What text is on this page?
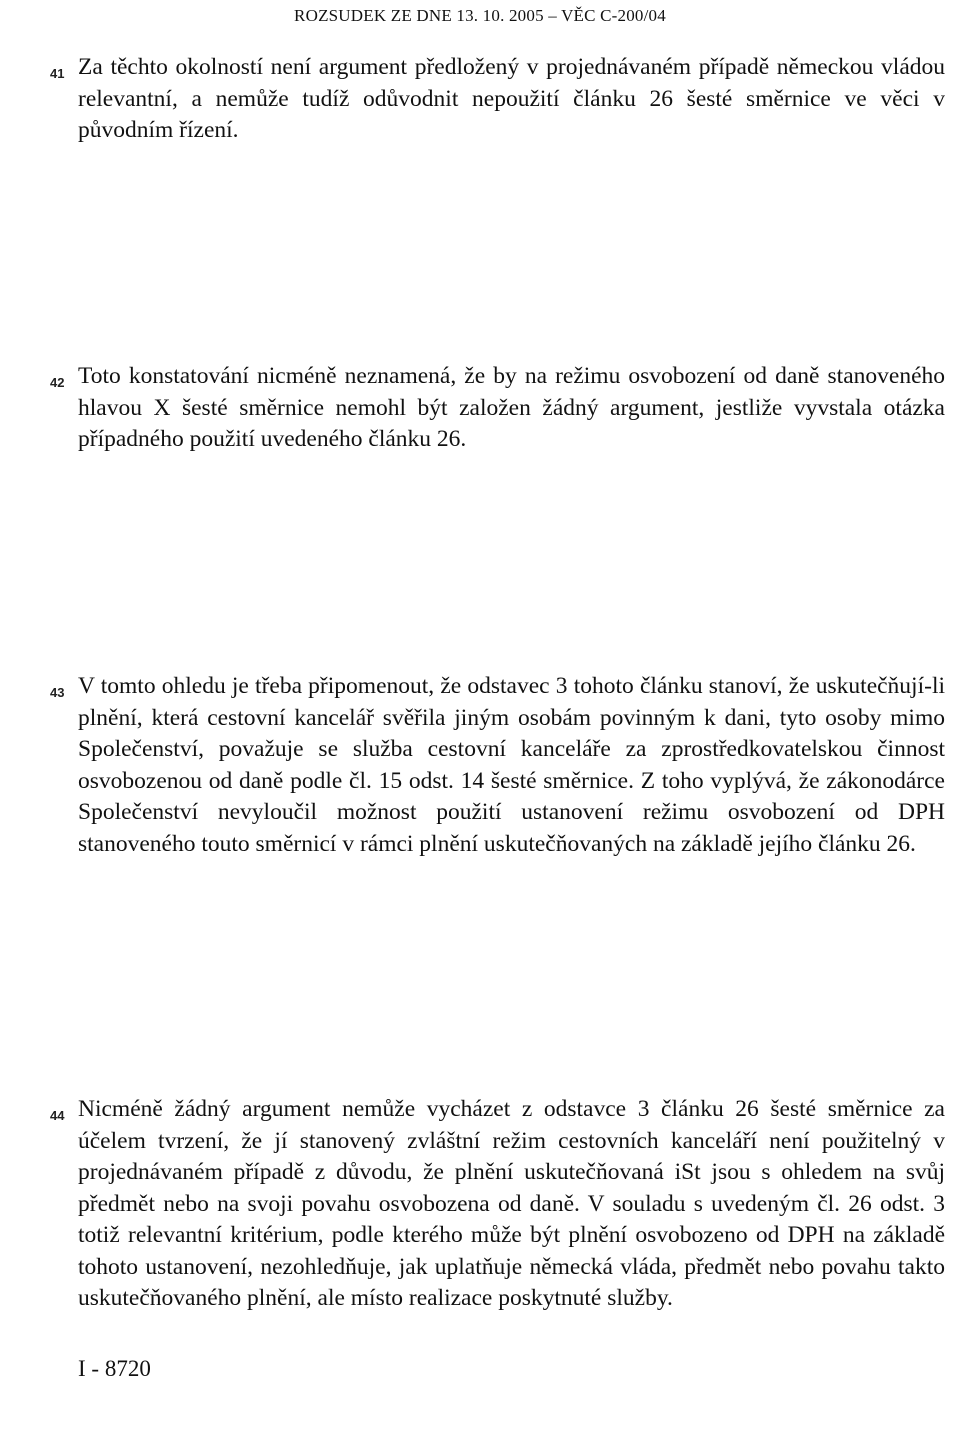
ROZSUDEK ZE DNE 13. 10. 2005 – VĚC C-200/04
41 Za těchto okolností není argument předložený v projednávaném případě německou vládou relevantní, a nemůže tudíž odůvodnit nepoužití článku 26 šesté směrnice ve věci v původním řízení.
42 Toto konstatování nicméně neznamená, že by na režimu osvobození od daně stanoveného hlavou X šesté směrnice nemohl být založen žádný argument, jestliže vyvstala otázka případného použití uvedeného článku 26.
43 V tomto ohledu je třeba připomenout, že odstavec 3 tohoto článku stanoví, že uskutečňují-li plnění, která cestovní kancelář svěřila jiným osobám povinným k dani, tyto osoby mimo Společenství, považuje se služba cestovní kanceláře za zprostředkovatelskou činnost osvobozenou od daně podle čl. 15 odst. 14 šesté směrnice. Z toho vyplývá, že zákonodárce Společenství nevyloučil možnost použití ustanovení režimu osvobození od DPH stanoveného touto směrnicí v rámci plnění uskutečňovaných na základě jejího článku 26.
44 Nicméně žádný argument nemůže vycházet z odstavce 3 článku 26 šesté směrnice za účelem tvrzení, že jí stanovený zvláštní režim cestovních kanceláří není použitelný v projednávaném případě z důvodu, že plnění uskutečňovaná iSt jsou s ohledem na svůj předmět nebo na svoji povahu osvobozena od daně. V souladu s uvedeným čl. 26 odst. 3 totiž relevantní kritérium, podle kterého může být plnění osvobozeno od DPH na základě tohoto ustanovení, nezohledňuje, jak uplatňuje německá vláda, předmět nebo povahu takto uskutečňovaného plnění, ale místo realizace poskytnuté služby.
I - 8720
